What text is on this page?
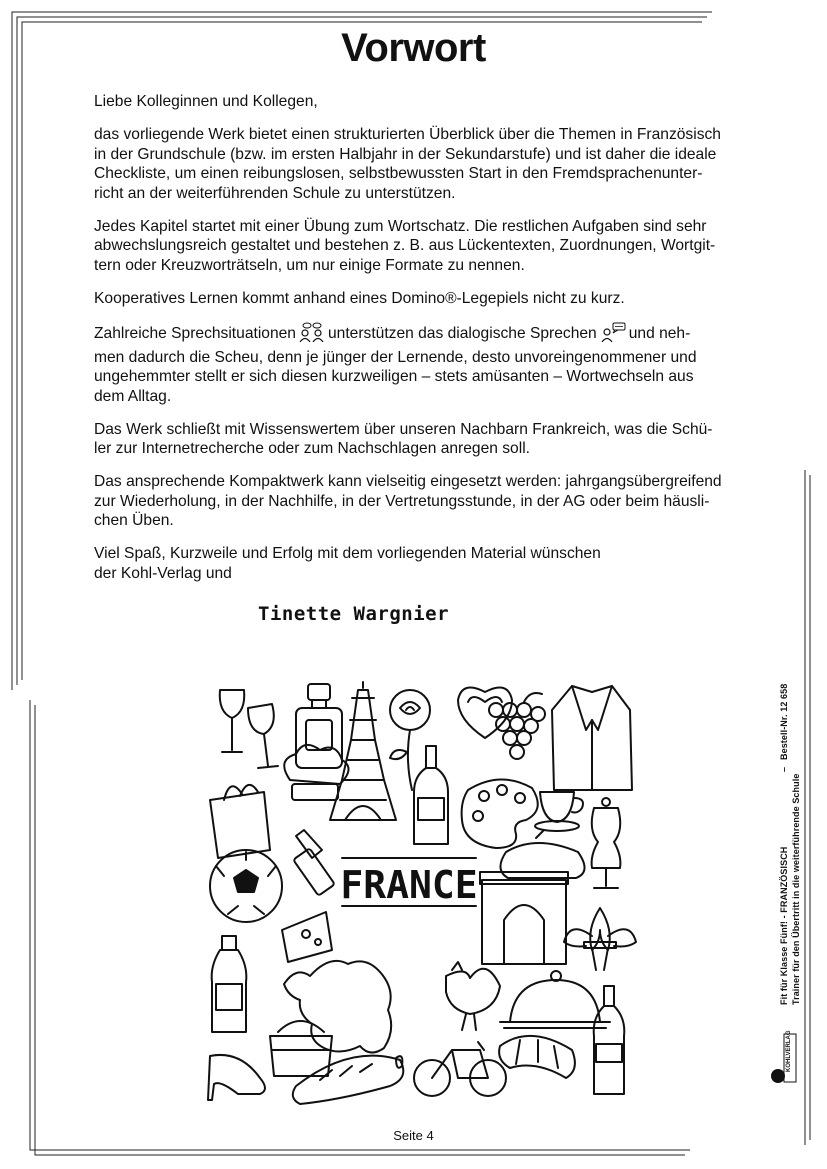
Vorwort

Liebe Kolleginnen und Kollegen,

das vorliegende Werk bietet einen strukturierten Überblick über die Themen in Französisch
in der Grundschule (bzw. im ersten Halbjahr in der Sekundarstufe) und ist daher die ideale
Checkliste, um einen reibungslosen, selbstbewussten Start in den Fremdsprachenunter-
richt an der weiterführenden Schule zu unterstützen.

Jedes Kapitel startet mit einer Übung zum Wortschatz. Die restlichen Aufgaben sind sehr
abwechslungsreich gestaltet und bestehen z. B. aus Lückentexten, Zuordnungen, Wortgit-
tern oder Kreuzworträtseln, um nur einige Formate zu nennen.

Kooperatives Lernen kommt anhand eines Domino®-Legepiels nicht zu kurz.

Zahlreiche Sprechsituationen unterstützen das dialogische Sprechen und neh-
men dadurch die Scheu, denn je jünger der Lernende, desto unvoreingenommener und
ungehemmter stellt er sich diesen kurzweiligen – stets amüsanten – Wortwechseln aus
dem Alltag.

Das Werk schließt mit Wissenswertem über unseren Nachbarn Frankreich, was die Schü-
ler zur Internetrecherche oder zum Nachschlagen anregen soll.

Das ansprechende Kompaktwerk kann vielseitig eingesetzt werden: jahrgangsübergreifend
zur Wiederholung, in der Nachhilfe, in der Vertretungsstunde, in der AG oder beim häusli-
chen Üben.

Viel Spaß, Kurzweile und Erfolg mit dem vorliegenden Material wünschen
der Kohl-Verlag und

Tinette Wargnier
FRANCE
Seite 4
Fit für Klasse Fünf! - FRANZÖSISCH Trainer für den Übertritt in die weiterführende Schule
Bestell-Nr. 12 658
–
KOHLVERLAG
